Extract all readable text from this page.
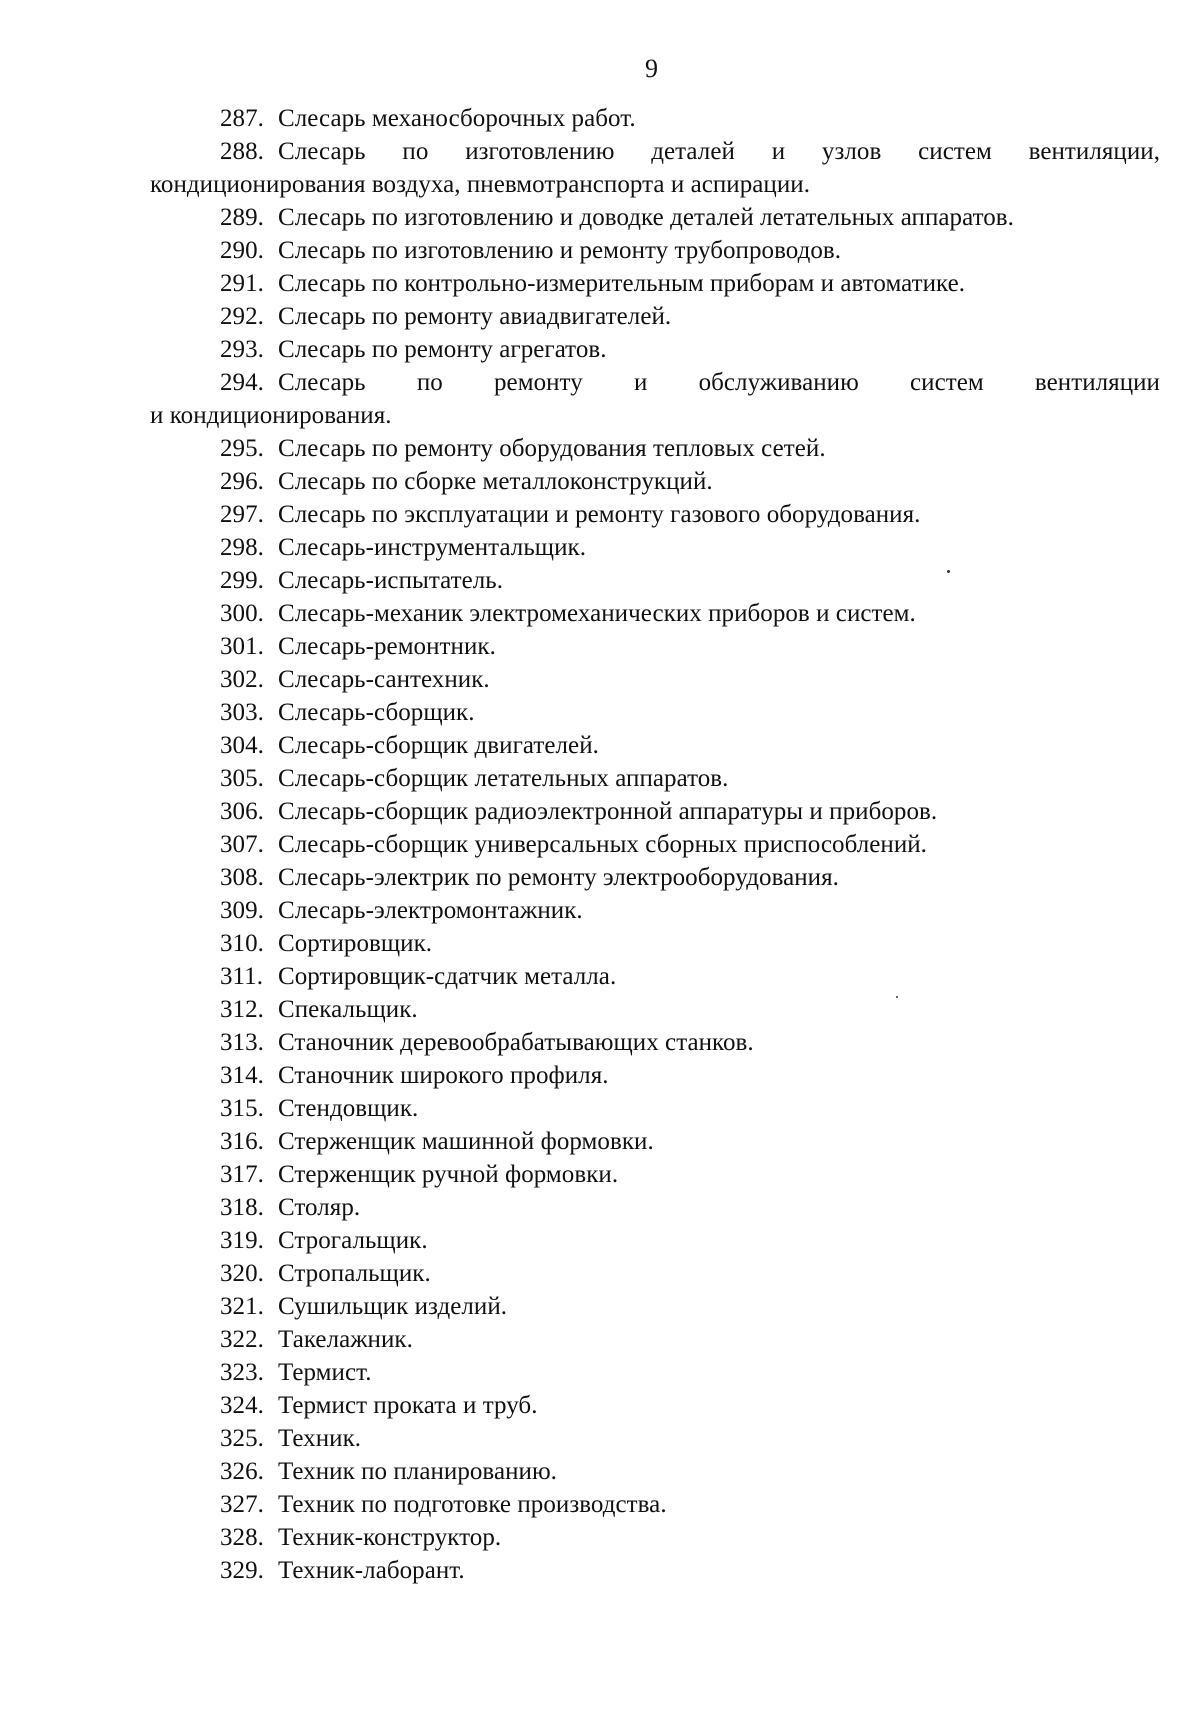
9
287. Слесарь механосборочных работ.
288. Слесарь по изготовлению деталей и узлов систем вентиляции,
кондиционирования воздуха, пневмотранспорта и аспирации.
289. Слесарь по изготовлению и доводке деталей летательных аппаратов.
290. Слесарь по изготовлению и ремонту трубопроводов.
291. Слесарь по контрольно-измерительным приборам и автоматике.
292. Слесарь по ремонту авиадвигателей.
293. Слесарь по ремонту агрегатов.
294. Слесарь по ремонту и обслуживанию систем вентиляции
и кондиционирования.
295. Слесарь по ремонту оборудования тепловых сетей.
296. Слесарь по сборке металлоконструкций.
297. Слесарь по эксплуатации и ремонту газового оборудования.
298. Слесарь-инструментальщик.
299. Слесарь-испытатель.
300. Слесарь-механик электромеханических приборов и систем.
301. Слесарь-ремонтник.
302. Слесарь-сантехник.
303. Слесарь-сборщик.
304. Слесарь-сборщик двигателей.
305. Слесарь-сборщик летательных аппаратов.
306. Слесарь-сборщик радиоэлектронной аппаратуры и приборов.
307. Слесарь-сборщик универсальных сборных приспособлений.
308. Слесарь-электрик по ремонту электрооборудования.
309. Слесарь-электромонтажник.
310. Сортировщик.
311. Сортировщик-сдатчик металла.
312. Спекальщик.
313. Станочник деревообрабатывающих станков.
314. Станочник широкого профиля.
315. Стендовщик.
316. Стерженщик машинной формовки.
317. Стерженщик ручной формовки.
318. Столяр.
319. Строгальщик.
320. Стропальщик.
321. Сушильщик изделий.
322. Такелажник.
323. Термист.
324. Термист проката и труб.
325. Техник.
326. Техник по планированию.
327. Техник по подготовке производства.
328. Техник-конструктор.
329. Техник-лаборант.
